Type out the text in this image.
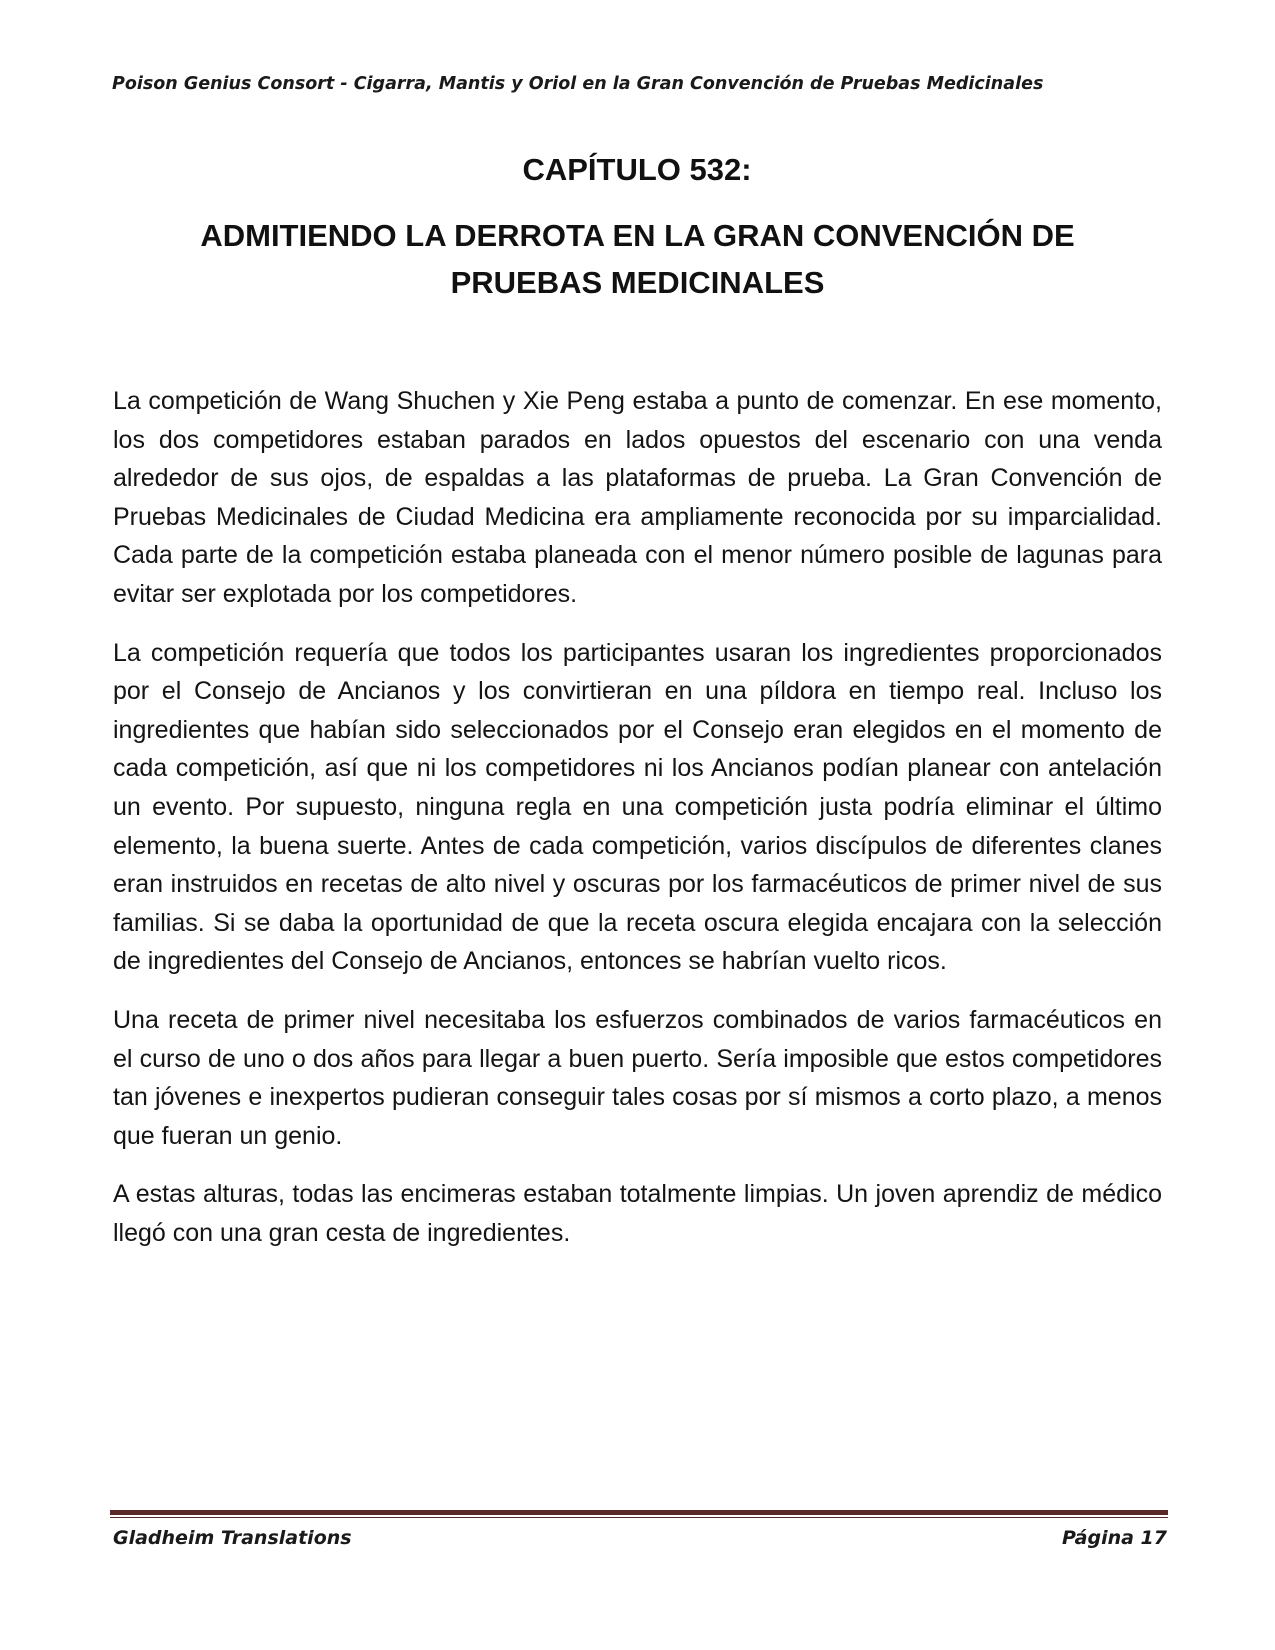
Poison Genius Consort - Cigarra, Mantis y Oriol en la Gran Convención de Pruebas Medicinales
CAPÍTULO 532:
ADMITIENDO LA DERROTA EN LA GRAN CONVENCIÓN DE PRUEBAS MEDICINALES

La competición de Wang Shuchen y Xie Peng estaba a punto de comenzar. En ese momento, los dos competidores estaban parados en lados opuestos del escenario con una venda alrededor de sus ojos, de espaldas a las plataformas de prueba. La Gran Convención de Pruebas Medicinales de Ciudad Medicina era ampliamente reconocida por su imparcialidad. Cada parte de la competición estaba planeada con el menor número posible de lagunas para evitar ser explotada por los competidores.

La competición requería que todos los participantes usaran los ingredientes proporcionados por el Consejo de Ancianos y los convirtieran en una píldora en tiempo real. Incluso los ingredientes que habían sido seleccionados por el Consejo eran elegidos en el momento de cada competición, así que ni los competidores ni los Ancianos podían planear con antelación un evento. Por supuesto, ninguna regla en una competición justa podría eliminar el último elemento, la buena suerte. Antes de cada competición, varios discípulos de diferentes clanes eran instruidos en recetas de alto nivel y oscuras por los farmacéuticos de primer nivel de sus familias. Si se daba la oportunidad de que la receta oscura elegida encajara con la selección de ingredientes del Consejo de Ancianos, entonces se habrían vuelto ricos.

Una receta de primer nivel necesitaba los esfuerzos combinados de varios farmacéuticos en el curso de uno o dos años para llegar a buen puerto. Sería imposible que estos competidores tan jóvenes e inexpertos pudieran conseguir tales cosas por sí mismos a corto plazo, a menos que fueran un genio.

A estas alturas, todas las encimeras estaban totalmente limpias. Un joven aprendiz de médico llegó con una gran cesta de ingredientes.

Gladheim Translations	Página 17
